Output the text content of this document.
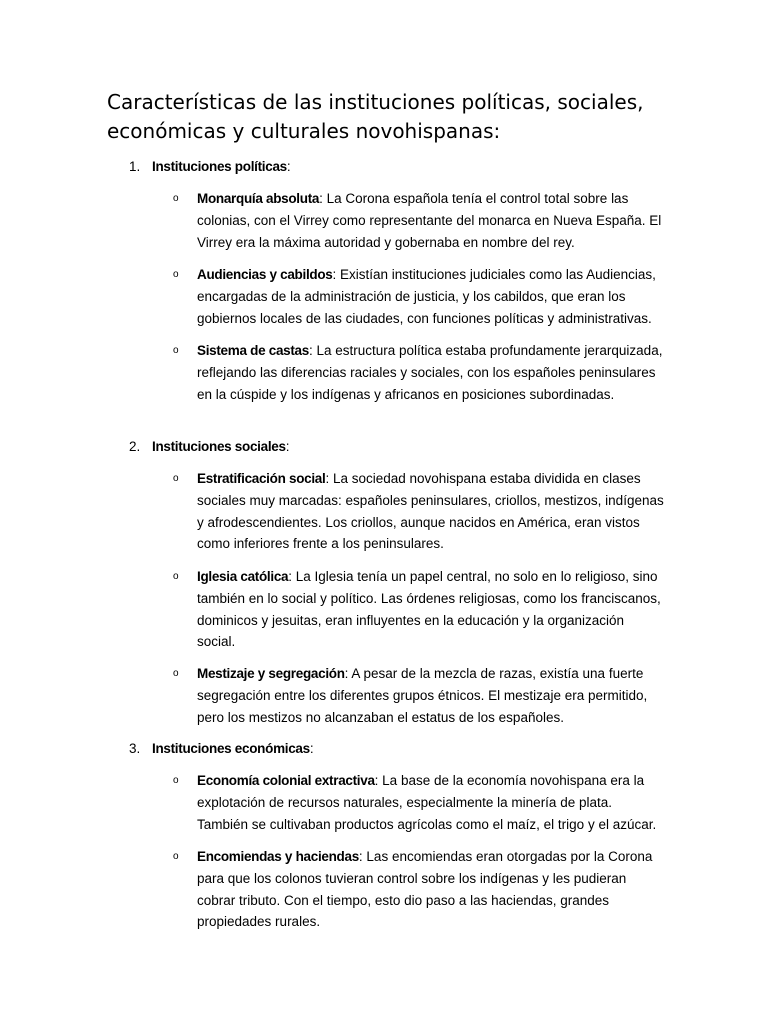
Características de las instituciones políticas, sociales, económicas y culturales novohispanas:
1. Instituciones políticas:
o Monarquía absoluta: La Corona española tenía el control total sobre las colonias, con el Virrey como representante del monarca en Nueva España. El Virrey era la máxima autoridad y gobernaba en nombre del rey.

o Audiencias y cabildos: Existían instituciones judiciales como las Audiencias, encargadas de la administración de justicia, y los cabildos, que eran los gobiernos locales de las ciudades, con funciones políticas y administrativas.

o Sistema de castas: La estructura política estaba profundamente jerarquizada, reflejando las diferencias raciales y sociales, con los españoles peninsulares en la cúspide y los indígenas y africanos en posiciones subordinadas.

2. Instituciones sociales:
o Estratificación social: La sociedad novohispana estaba dividida en clases sociales muy marcadas: españoles peninsulares, criollos, mestizos, indígenas y afrodescendientes. Los criollos, aunque nacidos en América, eran vistos como inferiores frente a los peninsulares.

o Iglesia católica: La Iglesia tenía un papel central, no solo en lo religioso, sino también en lo social y político. Las órdenes religiosas, como los franciscanos, dominicos y jesuitas, eran influyentes en la educación y la organización social.

o Mestizaje y segregación: A pesar de la mezcla de razas, existía una fuerte segregación entre los diferentes grupos étnicos. El mestizaje era permitido, pero los mestizos no alcanzaban el estatus de los españoles.

3. Instituciones económicas:
o Economía colonial extractiva: La base de la economía novohispana era la explotación de recursos naturales, especialmente la minería de plata. También se cultivaban productos agrícolas como el maíz, el trigo y el azúcar.

o Encomiendas y haciendas: Las encomiendas eran otorgadas por la Corona para que los colonos tuvieran control sobre los indígenas y les pudieran cobrar tributo. Con el tiempo, esto dio paso a las haciendas, grandes propiedades rurales.
